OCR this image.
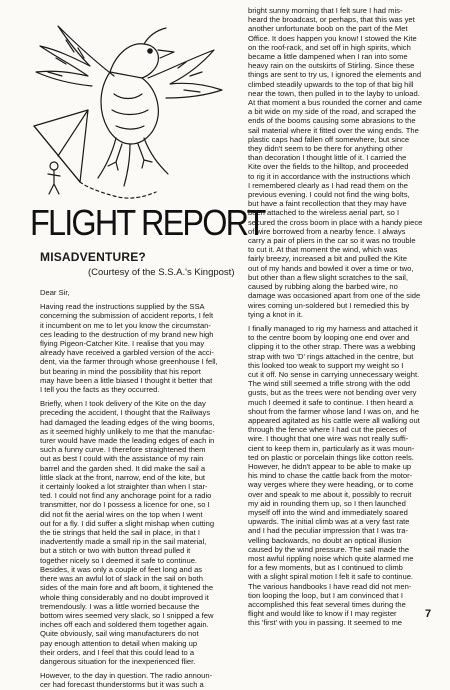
FLIGHT REPORT
MISADVENTURE?
(Courtesy of the S.S.A.'s Kingpost)

Dear Sir,

Having read the instructions supplied by the SSA
concerning the submission of accident reports, I felt
it incumbent on me to let you know the circumstan-
ces leading to the destruction of my brand new high
flying Pigeon-Catcher Kite. I realise that you may
already have received a garbled version of the acci-
dent, via the farmer through whose greenhouse I fell,
but bearing in mind the possibility that his report
may have been a little biased I thought it better that
I tell you the facts as they occurred.

Briefly, when I took delivery of the Kite on the day
preceding the accident, I thought that the Railways
had damaged the leading edges of the wing booms,
as it seemed highly unlikely to me that the manufac-
turer would have made the leading edges of each in
such a funny curve. I therefore straightened them
out as best I could with the assistance of my rain
barrel and the garden shed. It did make the sail a
little slack at the front, narrow, end of the kite, but
it certainly looked a lot straighter than when I star-
ted. I could not find any anchorage point for a radio
transmitter, nor do I possess a licence for one, so I
did not fit the aerial wires on the top when I went
out for a fly. I did suffer a slight mishap when cutting
the tie strings that held the sail in place, in that I
inadvertently made a small rip in the sail material,
but a stitch or two with button thread pulled it
together nicely so I deemed it safe to continue.
Besides, it was only a couple of feet long and as
there was an awful lot of slack in the sail on both
sides of the main fore and aft boom, it tightened the
whole thing considerably and no doubt improved it
tremendously. I was a little worried because the
bottom wires seemed very slack, so I snipped a few
inches off each and soldered them together again.
Quite obviously, sail wing manufacturers do not
pay enough attention to detail when making up
their orders, and I feel that this could lead to a
dangerous situation for the inexperienced flier.

However, to the day in question. The radio announ-
cer had forecast thunderstorms but it was such a

bright sunny morning that I felt sure I had mis-
heard the broadcast, or perhaps, that this was yet
another unfortunate boob on the part of the Met
Office. It does happen you know! I stowed the Kite
on the roof-rack, and set off in high spirits, which
became a little dampened when I ran into some
heavy rain on the outskirts of Stirling. Since these
things are sent to try us, I ignored the elements and
climbed steadily upwards to the top of that big hill
near the town, then pulled in to the layby to unload.
At that moment a bus rounded the corner and came
a bit wide on my side of the road, and scraped the
ends of the booms causing some abrasions to the
sail material where it fitted over the wing ends. The
plastic caps had fallen off somewhere, but since
they didn't seem to be there for anything other
than decoration I thought little of it. I carried the
Kite over the fields to the hilltop, and proceeded
to rig it in accordance with the instructions which
I remembered clearly as I had read them on the
previous evening. I could not find the wing bolts,
but have a faint recollection that they may have
been attached to the wireless aerial part, so I
secured the cross boom in place with a handy piece
of wire borrowed from a nearby fence. I always
carry a pair of pliers in the car so it was no trouble
to cut it. At that moment the wind, which was
fairly breezy, increased a bit and pulled the Kite
out of my hands and bowled it over a time or two,
but other than a flew slight scratches to the sail,
caused by rubbing along the barbed wire, no
damage was occasioned apart from one of the side
wires coming un-soldered but I remedied this by
tying a knot in it.

I finally managed to rig my harness and attached it
to the centre boom by looping one end over and
clipping it to the other strap. There was a webbing
strap with two 'D' rings attached in the centre, but
this looked too weak to support my weight so I
cut it off. No sense in carrying unnecessary weight.
The wind still seemed a trifle strong with the odd
gusts, but as the trees were not bending over very
much I deemed it safe to continue. I then heard a
shout from the farmer whose land I was on, and he
appeared agitated as his cattle were all walking out
through the fence where I had cut the pieces of
wire. I thought that one wire was not really suffi-
cient to keep them in, particularly as it was moun-
ted on plastic or porcelain things like cotton reels.
However, he didn't appear to be able to make up
his mind to chase the cattle back from the motor-
way verges where they were heading, or to come
over and speak to me about it, possibly to recruit
my aid in rounding them up, so I then launched
myself off into the wind and immediately soared
upwards. The initial climb was at a very fast rate
and I had the peculiar impression that I was tra-
velling backwards, no doubt an optical illusion
caused by the wind pressure. The sail made the
most awful rippling noise which quite alarmed me
for a few moments, but as I continued to climb
with a slight spiral motion I felt it safe to continue.
The various handbooks I have read did not men-
tion looping the loop, but I am convinced that I
accomplished this feat several times during the
flight and would like to know if I may register
this 'first' with you in passing. It seemed to me

7
